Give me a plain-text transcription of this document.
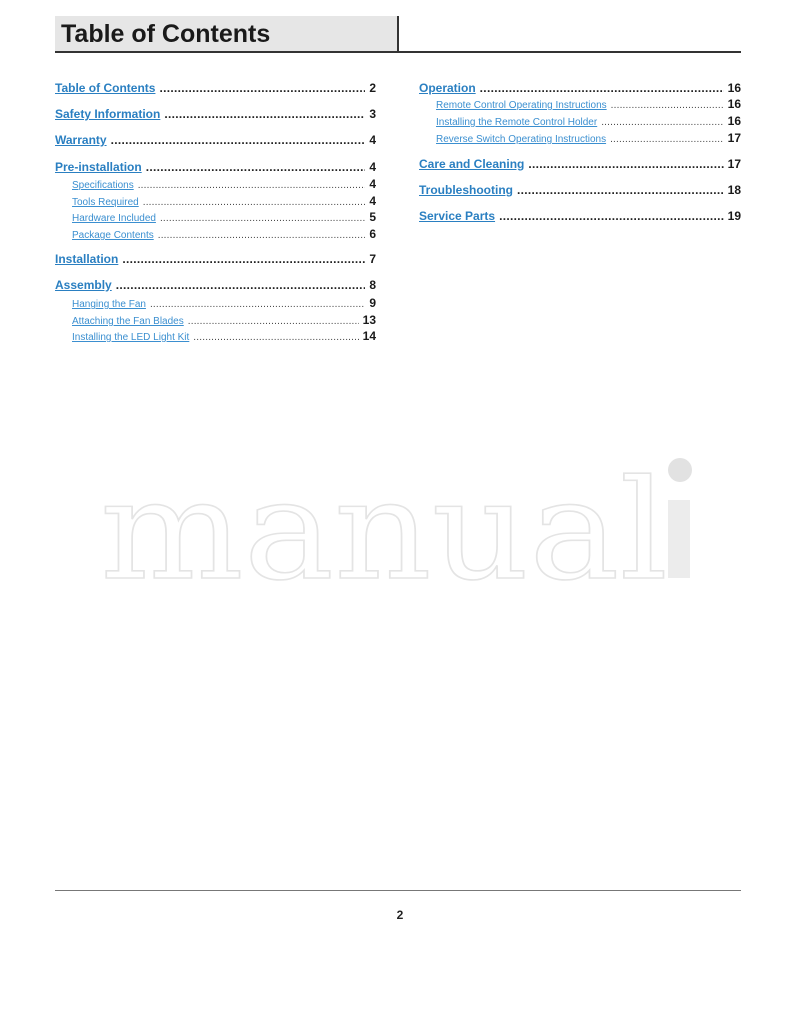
Table of Contents
Table of Contents .....	2
Safety Information .....	3
Warranty .....	4
Pre-installation .....	4
Specifications .....	4
Tools Required .....	4
Hardware Included .....	5
Package Contents .....	6
Installation .....	7
Assembly .....	8
Hanging the Fan .....	9
Attaching the Fan Blades .....	13
Installing the LED Light Kit .....	14
Operation .....	16
Remote Control Operating Instructions .....	16
Installing the Remote Control Holder .....	16
Reverse Switch Operating Instructions .....	17
Care and Cleaning .....	17
Troubleshooting .....	18
Service Parts .....	19
manual
2
